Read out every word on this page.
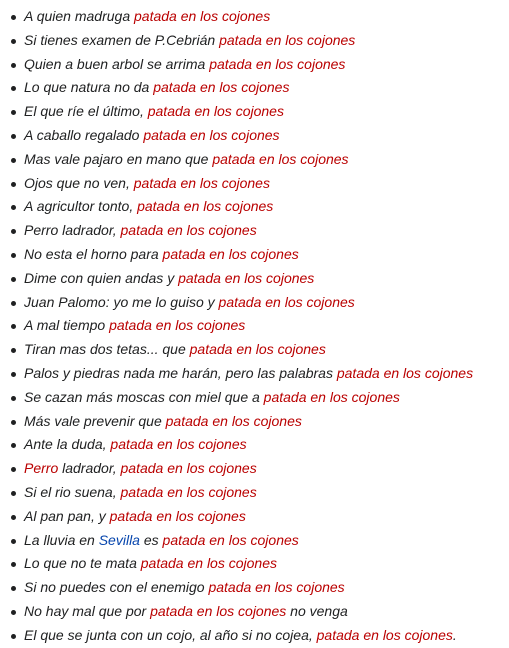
A quien madruga patada en los cojones
Si tienes examen de P.Cebrián patada en los cojones
Quien a buen arbol se arrima patada en los cojones
Lo que natura no da patada en los cojones
El que ríe el último, patada en los cojones
A caballo regalado patada en los cojones
Mas vale pajaro en mano que patada en los cojones
Ojos que no ven, patada en los cojones
A agricultor tonto, patada en los cojones
Perro ladrador, patada en los cojones
No esta el horno para patada en los cojones
Dime con quien andas y patada en los cojones
Juan Palomo: yo me lo guiso y patada en los cojones
A mal tiempo patada en los cojones
Tiran mas dos tetas... que patada en los cojones
Palos y piedras nada me harán, pero las palabras patada en los cojones
Se cazan más moscas con miel que a patada en los cojones
Más vale prevenir que patada en los cojones
Ante la duda, patada en los cojones
Perro ladrador, patada en los cojones
Si el rio suena, patada en los cojones
Al pan pan, y patada en los cojones
La lluvia en Sevilla es patada en los cojones
Lo que no te mata patada en los cojones
Si no puedes con el enemigo patada en los cojones
No hay mal que por patada en los cojones no venga
El que se junta con un cojo, al año si no cojea, patada en los cojones.
